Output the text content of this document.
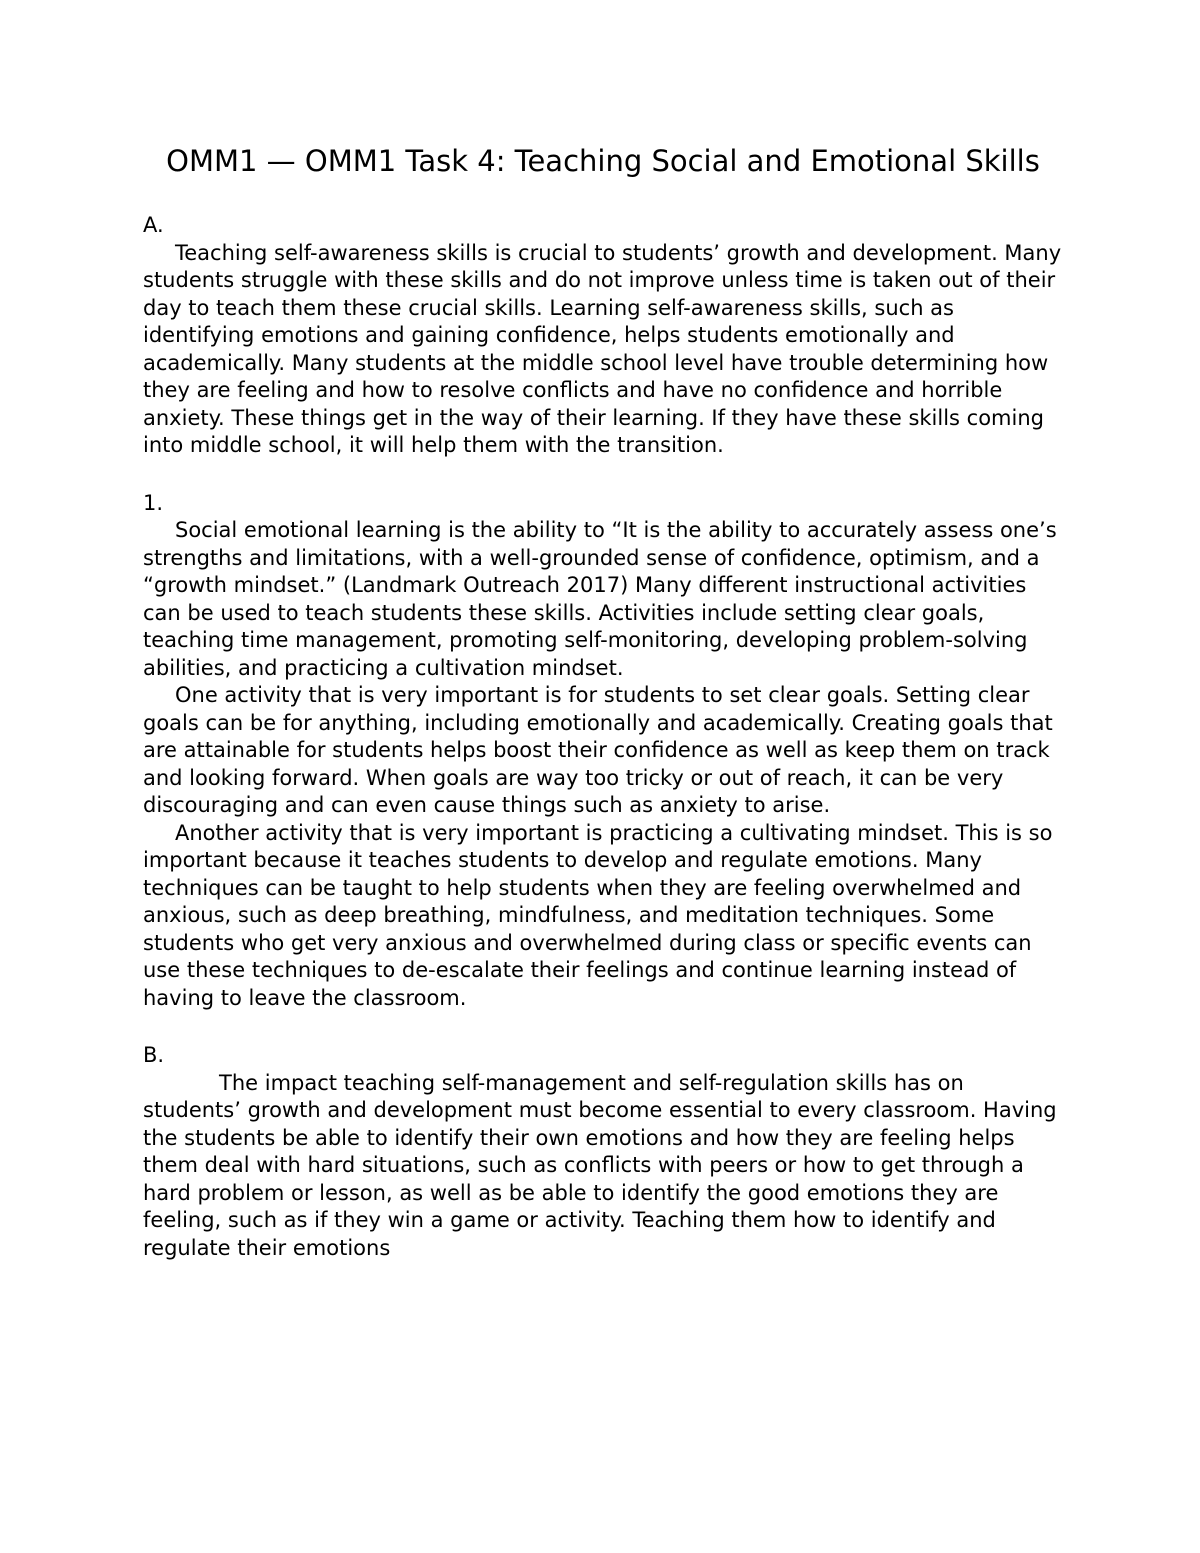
OMM1 — OMM1 Task 4: Teaching Social and Emotional Skills

A.

Teaching self-awareness skills is crucial to students’ growth and development. Many students struggle with these skills and do not improve unless time is taken out of their day to teach them these crucial skills. Learning self-awareness skills, such as identifying emotions and gaining confidence, helps students emotionally and academically. Many students at the middle school level have trouble determining how they are feeling and how to resolve conflicts and have no confidence and horrible anxiety. These things get in the way of their learning. If they have these skills coming into middle school, it will help them with the transition.

1.

Social emotional learning is the ability to “It is the ability to accurately assess one’s strengths and limitations, with a well-grounded sense of confidence, optimism, and a “growth mindset.” (Landmark Outreach 2017) Many different instructional activities can be used to teach students these skills. Activities include setting clear goals, teaching time management, promoting self-monitoring, developing problem-solving abilities, and practicing a cultivation mindset.

One activity that is very important is for students to set clear goals. Setting clear goals can be for anything, including emotionally and academically. Creating goals that are attainable for students helps boost their confidence as well as keep them on track and looking forward. When goals are way too tricky or out of reach, it can be very discouraging and can even cause things such as anxiety to arise.

Another activity that is very important is practicing a cultivating mindset. This is so important because it teaches students to develop and regulate emotions. Many techniques can be taught to help students when they are feeling overwhelmed and anxious, such as deep breathing, mindfulness, and meditation techniques. Some students who get very anxious and overwhelmed during class or specific events can use these techniques to de-escalate their feelings and continue learning instead of having to leave the classroom.

B.

The impact teaching self-management and self-regulation skills has on students’ growth and development must become essential to every classroom. Having the students be able to identify their own emotions and how they are feeling helps them deal with hard situations, such as conflicts with peers or how to get through a hard problem or lesson, as well as be able to identify the good emotions they are feeling, such as if they win a game or activity. Teaching them how to identify and regulate their emotions
